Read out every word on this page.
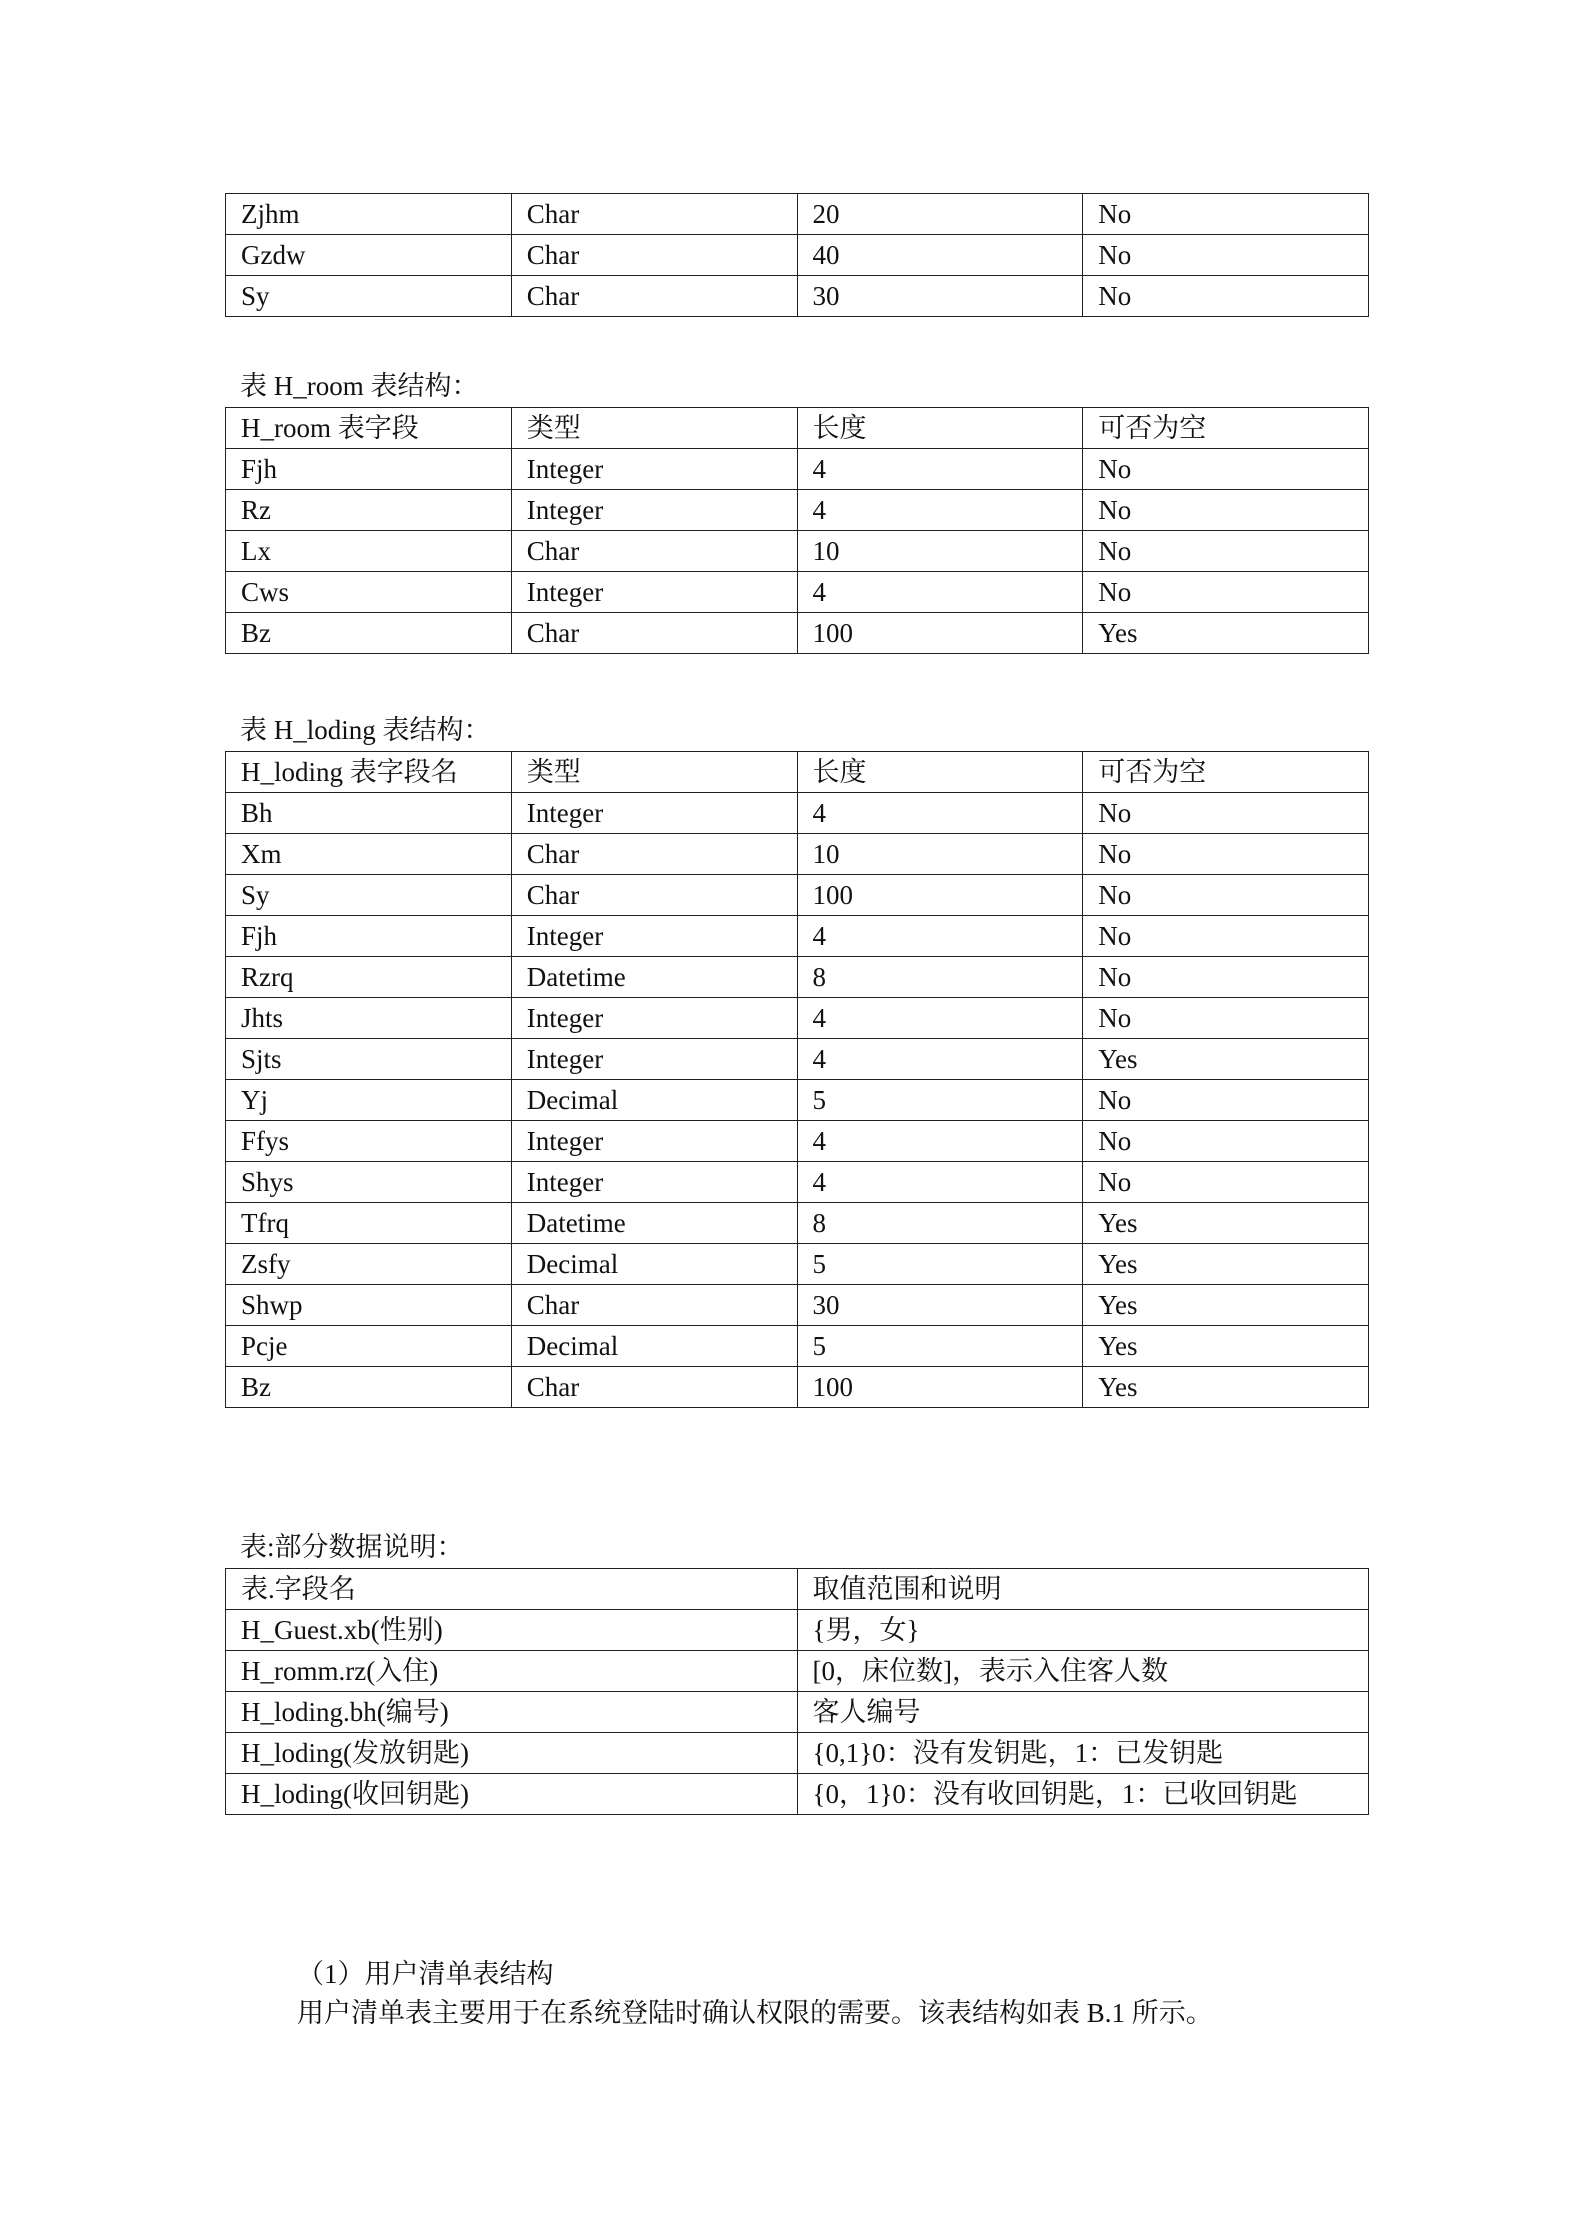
Zjhm	Char	20	No
Gzdw	Char	40	No
Sy	Char	30	No
表 H_room 表结构：
H_room 表字段	类型	长度	可否为空
Fjh	Integer	4	No
Rz	Integer	4	No
Lx	Char	10	No
Cws	Integer	4	No
Bz	Char	100	Yes
表 H_loding 表结构：
H_loding 表字段名	类型	长度	可否为空
Bh	Integer	4	No
Xm	Char	10	No
Sy	Char	100	No
Fjh	Integer	4	No
Rzrq	Datetime	8	No
Jhts	Integer	4	No
Sjts	Integer	4	Yes
Yj	Decimal	5	No
Ffys	Integer	4	No
Shys	Integer	4	No
Tfrq	Datetime	8	Yes
Zsfy	Decimal	5	Yes
Shwp	Char	30	Yes
Pcje	Decimal	5	Yes
Bz	Char	100	Yes
表:部分数据说明：
表.字段名	取值范围和说明
H_Guest.xb(性别)	{男，女}
H_romm.rz(入住)	[0，床位数]，表示入住客人数
H_loding.bh(编号)	客人编号
H_loding(发放钥匙)	{0,1}0：没有发钥匙，1：已发钥匙
H_loding(收回钥匙)	{0，1}0：没有收回钥匙，1：已收回钥匙
（1）用户清单表结构
用户清单表主要用于在系统登陆时确认权限的需要。该表结构如表 B.1 所示。
